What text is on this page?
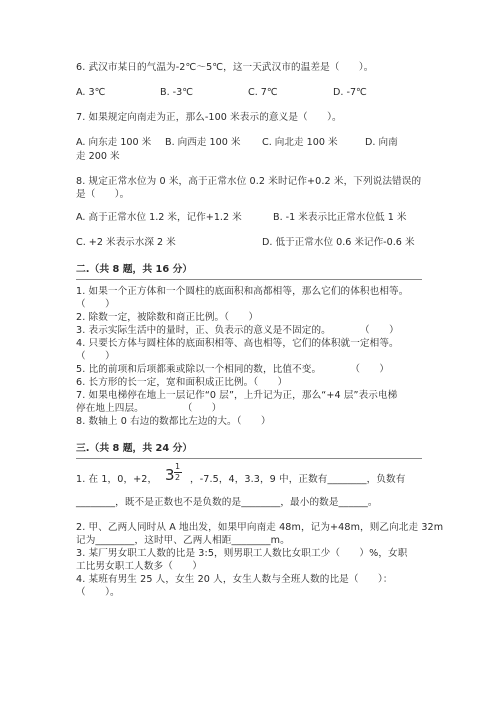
6. 武汉市某日的气温为-2℃～5℃，这一天武汉市的温差是（　　）。
A. 3℃	B. -3℃	C. 7℃	D. -7℃
7. 如果规定向南走为正，那么-100 米表示的意义是（　　）。
A. 向东走 100 米 B. 向西走 100 米 C. 向北走 100 米	D. 向南
走 200 米
8. 规定正常水位为 0 米，高于正常水位 0.2 米时记作+0.2 米，下列说法错误的
是（　　）。
A. 高于正常水位 1.2 米，记作+1.2 米	B. -1 米表示比正常水位低 1 米
C. +2 米表示水深 2 米	D. 低于正常水位 0.6 米记作-0.6 米
二.（共 8 题，共 16 分）
1. 如果一个正方体和一个圆柱的底面积和高都相等，那么它们的体积也相等。
（　　）
2. 除数一定，被除数和商正比例。（　　）
3. 表示实际生活中的量时，正、负表示的意义是不固定的。　　　　（　　）
4. 只要长方体与圆柱体的底面积相等、高也相等，它们的体积就一定相等。
（　　）
5. 比的前项和后项都乘或除以一个相同的数，比值不变。　　　　（　　）
6. 长方形的长一定，宽和面积成正比例。（　　）
7. 如果电梯停在地上一层记作“0 层”，上升记为正，那么“+4 层”表示电梯
停在地上四层。　　　　　（　　）
8. 数轴上 0 右边的数都比左边的大。（　　）
三.（共 8 题，共 24 分）
1. 在 1，0，+2， 3 1
2 ，-7.5，4，3.3，9 中，正数有________，负数有
________，既不是正数也不是负数的是________，最小的数是______。
2. 甲、乙两人同时从 A 地出发，如果甲向南走 48m，记为+48m，则乙向北走 32m
记为________，这时甲、乙两人相距________m。
3. 某厂男女职工人数的比是 3:5，则男职工人数比女职工少（　　）%，女职
工比男女职工人数多（　　）
4. 某班有男生 25 人，女生 20 人，女生人数与全班人数的比是（　　）：
（　　）。
